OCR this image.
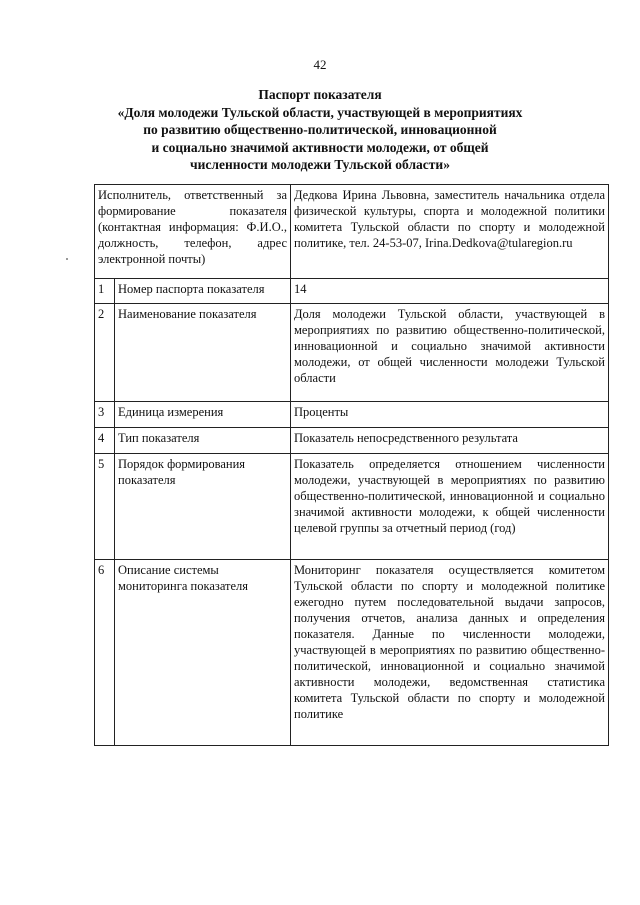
42
Паспорт показателя
«Доля молодежи Тульской области, участвующей в мероприятиях
по развитию общественно-политической, инновационной
и социально значимой активности молодежи, от общей
численности молодежи Тульской области»
Исполнитель, ответственный за формирование показателя (контактная информация: Ф.И.О., должность, телефон, адрес электронной почты)		Дедкова Ирина Львовна, заместитель начальника отдела физической культуры, спорта и молодежной политики комитета Тульской области по спорту и молодежной политике, тел. 24-53-07, Irina.Dedkova@tularegion.ru
1	Номер паспорта показателя	14
2	Наименование показателя	Доля молодежи Тульской области, участвующей в мероприятиях по развитию общественно-политической, инновационной и социально значимой активности молодежи, от общей численности молодежи Тульской области
3	Единица измерения	Проценты
4	Тип показателя	Показатель непосредственного результата
5	Порядок формирования показателя	Показатель определяется отношением численности молодежи, участвующей в мероприятиях по развитию общественно-политической, инновационной и социально значимой активности молодежи, к общей численности целевой группы за отчетный период (год)
6	Описание системы мониторинга показателя	Мониторинг показателя осуществляется комитетом Тульской области по спорту и молодежной политике ежегодно путем последовательной выдачи запросов, получения отчетов, анализа данных и определения показателя. Данные по численности молодежи, участвующей в мероприятиях по развитию общественно-политической, инновационной и социально значимой активности молодежи, ведомственная статистика комитета Тульской области по спорту и молодежной политике
